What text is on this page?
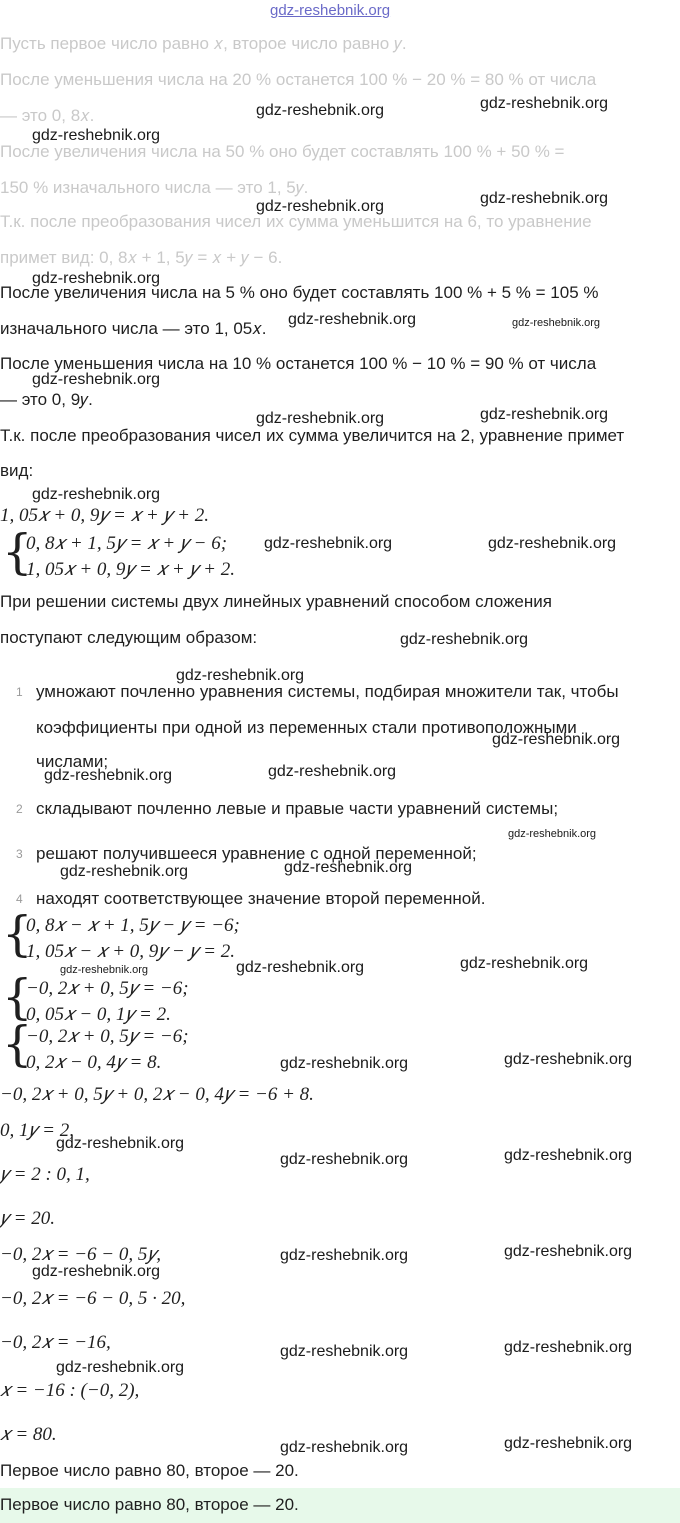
gdz-reshebnik.org
Пусть первое число равно 𝑥, второе число равно 𝑦.
После уменьшения числа на 20 % останется 100 % − 20 % = 80 % от числа
— это 0, 8𝑥.
После увеличения числа на 50 % оно будет составлять 100 % + 50 % =
150 % изначального числа — это 1, 5𝑦.
Т.к. после преобразования чисел их сумма уменьшится на 6, то уравнение
примет вид: 0, 8𝑥 + 1, 5𝑦 = 𝑥 + 𝑦 − 6.
После увеличения числа на 5 % оно будет составлять 100 % + 5 % = 105 %
изначального числа — это 1, 05𝑥.
После уменьшения числа на 10 % останется 100 % − 10 % = 90 % от числа
— это 0, 9𝑦.
Т.к. после преобразования чисел их сумма увеличится на 2, уравнение примет
вид:
1, 05𝑥 + 0, 9𝑦 = 𝑥 + 𝑦 + 2.
{
0, 8𝑥 + 1, 5𝑦 = 𝑥 + 𝑦 − 6;
1, 05𝑥 + 0, 9𝑦 = 𝑥 + 𝑦 + 2.
При решении системы двух линейных уравнений способом сложения
поступают следующим образом:
1 умножают почленно уравнения системы, подбирая множители так, чтобы
коэффициенты при одной из переменных стали противоположными
числами;
2 складывают почленно левые и правые части уравнений системы;
3 решают получившееся уравнение с одной переменной;
4 находят соответствующее значение второй переменной.
{
0, 8𝑥 − 𝑥 + 1, 5𝑦 − 𝑦 = −6;
1, 05𝑥 − 𝑥 + 0, 9𝑦 − 𝑦 = 2.
{
−0, 2𝑥 + 0, 5𝑦 = −6;
0, 05𝑥 − 0, 1𝑦 = 2.
{
−0, 2𝑥 + 0, 5𝑦 = −6;
0, 2𝑥 − 0, 4𝑦 = 8.
−0, 2𝑥 + 0, 5𝑦 + 0, 2𝑥 − 0, 4𝑦 = −6 + 8.
0, 1𝑦 = 2,
𝑦 = 2 : 0, 1,
𝑦 = 20.
−0, 2𝑥 = −6 − 0, 5𝑦,
−0, 2𝑥 = −6 − 0, 5 · 20,
−0, 2𝑥 = −16,
𝑥 = −16 : (−0, 2),
𝑥 = 80.
Первое число равно 80, второе — 20.
Первое число равно 80, второе — 20.
gdz-reshebnik.org	gdz-reshebnik.org
gdz-reshebnik.org
gdz-reshebnik.org
gdz-reshebnik.org
gdz-reshebnik.org
gdz-reshebnik.org	gdz-reshebnik.org
gdz-reshebnik.org
gdz-reshebnik.org	gdz-reshebnik.org
gdz-reshebnik.org
gdz-reshebnik.org	gdz-reshebnik.org
gdz-reshebnik.org
gdz-reshebnik.org
gdz-reshebnik.org
gdz-reshebnik.org	gdz-reshebnik.org
gdz-reshebnik.org
gdz-reshebnik.org
gdz-reshebnik.org
gdz-reshebnik.org	gdz-reshebnik.org	gdz-reshebnik.org
gdz-reshebnik.org	gdz-reshebnik.org
gdz-reshebnik.org
gdz-reshebnik.org	gdz-reshebnik.org
gdz-reshebnik.org	gdz-reshebnik.org
gdz-reshebnik.org
gdz-reshebnik.org	gdz-reshebnik.org
gdz-reshebnik.org
gdz-reshebnik.org	gdz-reshebnik.org
